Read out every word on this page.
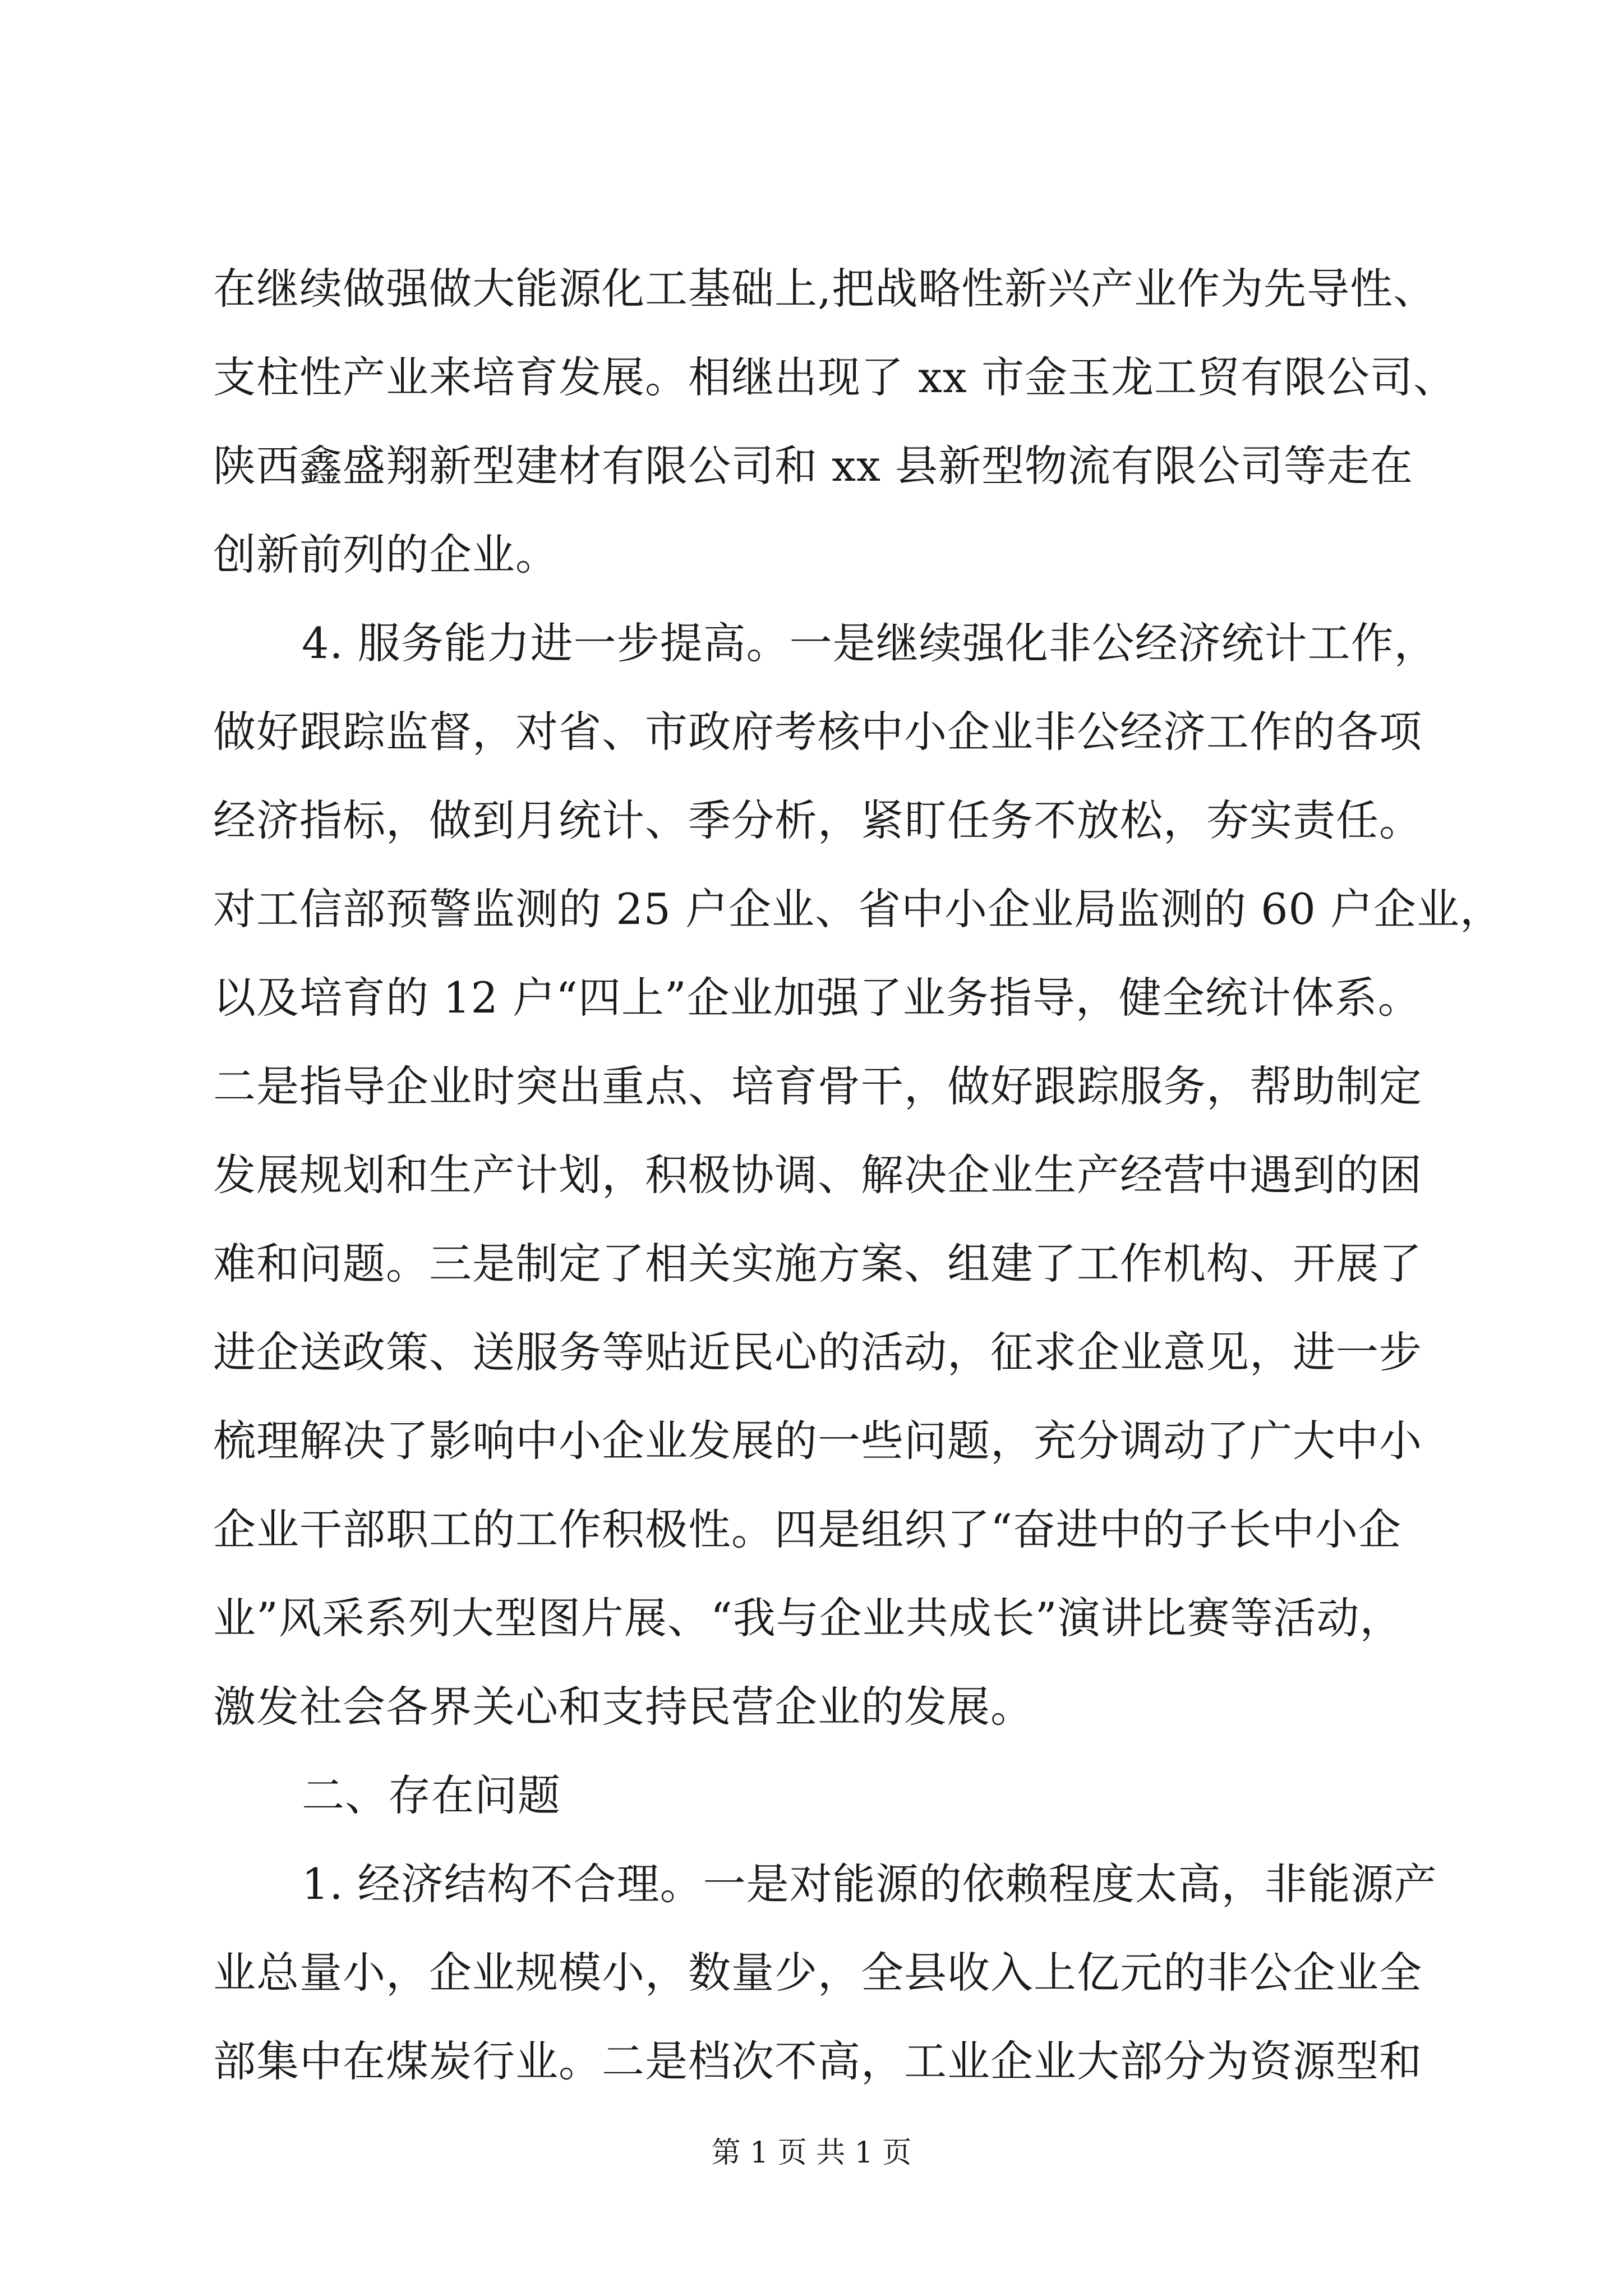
在继续做强做大能源化工基础上,把战略性新兴产业作为先导性、
支柱性产业来培育发展。相继出现了 xx 市金玉龙工贸有限公司、
陕西鑫盛翔新型建材有限公司和 xx 县新型物流有限公司等走在
创新前列的企业。
4. 服务能力进一步提高。一是继续强化非公经济统计工作，
做好跟踪监督，对省、市政府考核中小企业非公经济工作的各项
经济指标，做到月统计、季分析，紧盯任务不放松，夯实责任。
对工信部预警监测的 25 户企业、省中小企业局监测的 60 户企业，
以及培育的 12 户“四上”企业加强了业务指导，健全统计体系。
二是指导企业时突出重点、培育骨干，做好跟踪服务，帮助制定
发展规划和生产计划，积极协调、解决企业生产经营中遇到的困
难和问题。三是制定了相关实施方案、组建了工作机构、开展了
进企送政策、送服务等贴近民心的活动，征求企业意见，进一步
梳理解决了影响中小企业发展的一些问题，充分调动了广大中小
企业干部职工的工作积极性。四是组织了“奋进中的子长中小企
业”风采系列大型图片展、“我与企业共成长”演讲比赛等活动，
激发社会各界关心和支持民营企业的发展。
二、存在问题
1. 经济结构不合理。一是对能源的依赖程度太高，非能源产
业总量小，企业规模小，数量少，全县收入上亿元的非公企业全
第 1 页 共 1 页
部集中在煤炭行业。二是档次不高，工业企业大部分为资源型和
